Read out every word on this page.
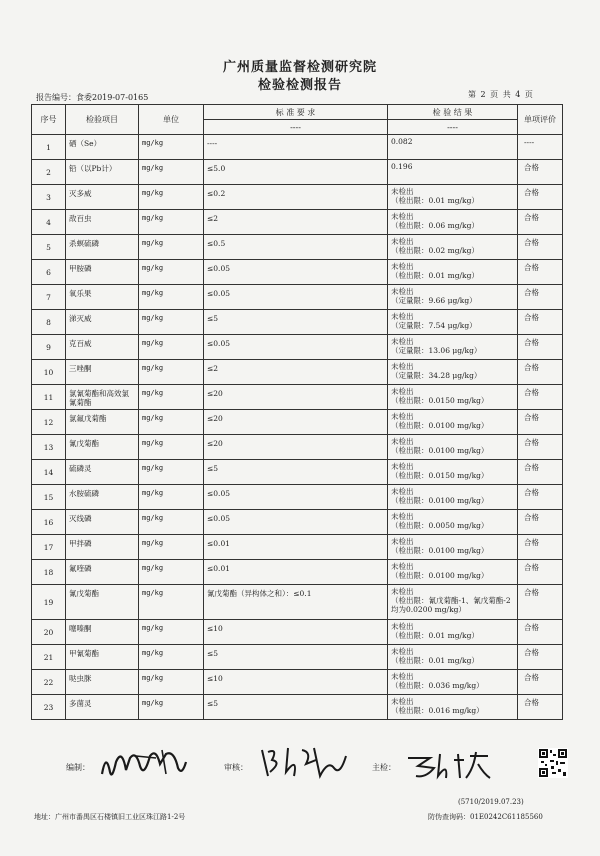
广州质量监督检测研究院
检验检测报告
报告编号：食委2019-07-0165	第 2 页 共 4 页
序号	检验项目	单位	标 准 要 求	检 验 结 果	单项评价
			----	----	
1	硒（Se）	mg/kg	----	0.082	----
2	铅（以Pb计）	mg/kg	≤5.0	0.196	合格
3	灭多威	mg/kg	≤0.2	未检出
（检出限：0.01 mg/kg）	合格
4	敌百虫	mg/kg	≤2	未检出
（检出限：0.06 mg/kg）	合格
5	杀螟硫磷	mg/kg	≤0.5	未检出
（检出限：0.02 mg/kg）	合格
6	甲胺磷	mg/kg	≤0.05	未检出
（检出限：0.01 mg/kg）	合格
7	氧乐果	mg/kg	≤0.05	未检出
（定量限：9.66 μg/kg）	合格
8	涕灭威	mg/kg	≤5	未检出
（定量限：7.54 μg/kg）	合格
9	克百威	mg/kg	≤0.05	未检出
（定量限：13.06 μg/kg）	合格
10	三唑酮	mg/kg	≤2	未检出
（定量限：34.28 μg/kg）	合格
11	氯氰菊酯和高效氯氰菊酯	mg/kg	≤20	未检出
（检出限：0.0150 mg/kg）	合格
12	氯氟戊菊酯	mg/kg	≤20	未检出
（检出限：0.0100 mg/kg）	合格
13	氰戊菊酯	mg/kg	≤20	未检出
（检出限：0.0100 mg/kg）	合格
14	硫磷灵	mg/kg	≤5	未检出
（检出限：0.0150 mg/kg）	合格
15	水胺硫磷	mg/kg	≤0.05	未检出
（检出限：0.0100 mg/kg）	合格
16	灭线磷	mg/kg	≤0.05	未检出
（检出限：0.0050 mg/kg）	合格
17	甲拌磷	mg/kg	≤0.01	未检出
（检出限：0.0100 mg/kg）	合格
18	氟喹磷	mg/kg	≤0.01	未检出
（检出限：0.0100 mg/kg）	合格
19	氰戊菊酯	mg/kg	氰戊菊酯（异构体之和）：≤0.1	未检出
（检出限：氰戊菊酯-1、氰戊菊酯-2均为0.0200 mg/kg）	合格
20	噻嗪酮	mg/kg	≤10	未检出
（检出限：0.01 mg/kg）	合格
21	甲氰菊酯	mg/kg	≤5	未检出
（检出限：0.01 mg/kg）	合格
22	哒虫脒	mg/kg	≤10	未检出
（检出限：0.036 mg/kg）	合格
23	多菌灵	mg/kg	≤5	未检出
（检出限：0.016 mg/kg）	合格
编制：	审核：	主检：
(5710/2019.07.23)
地址：广州市番禺区石楼镇旧工业区珠江路1-2号	防伪查询码：01E0242C61185560
